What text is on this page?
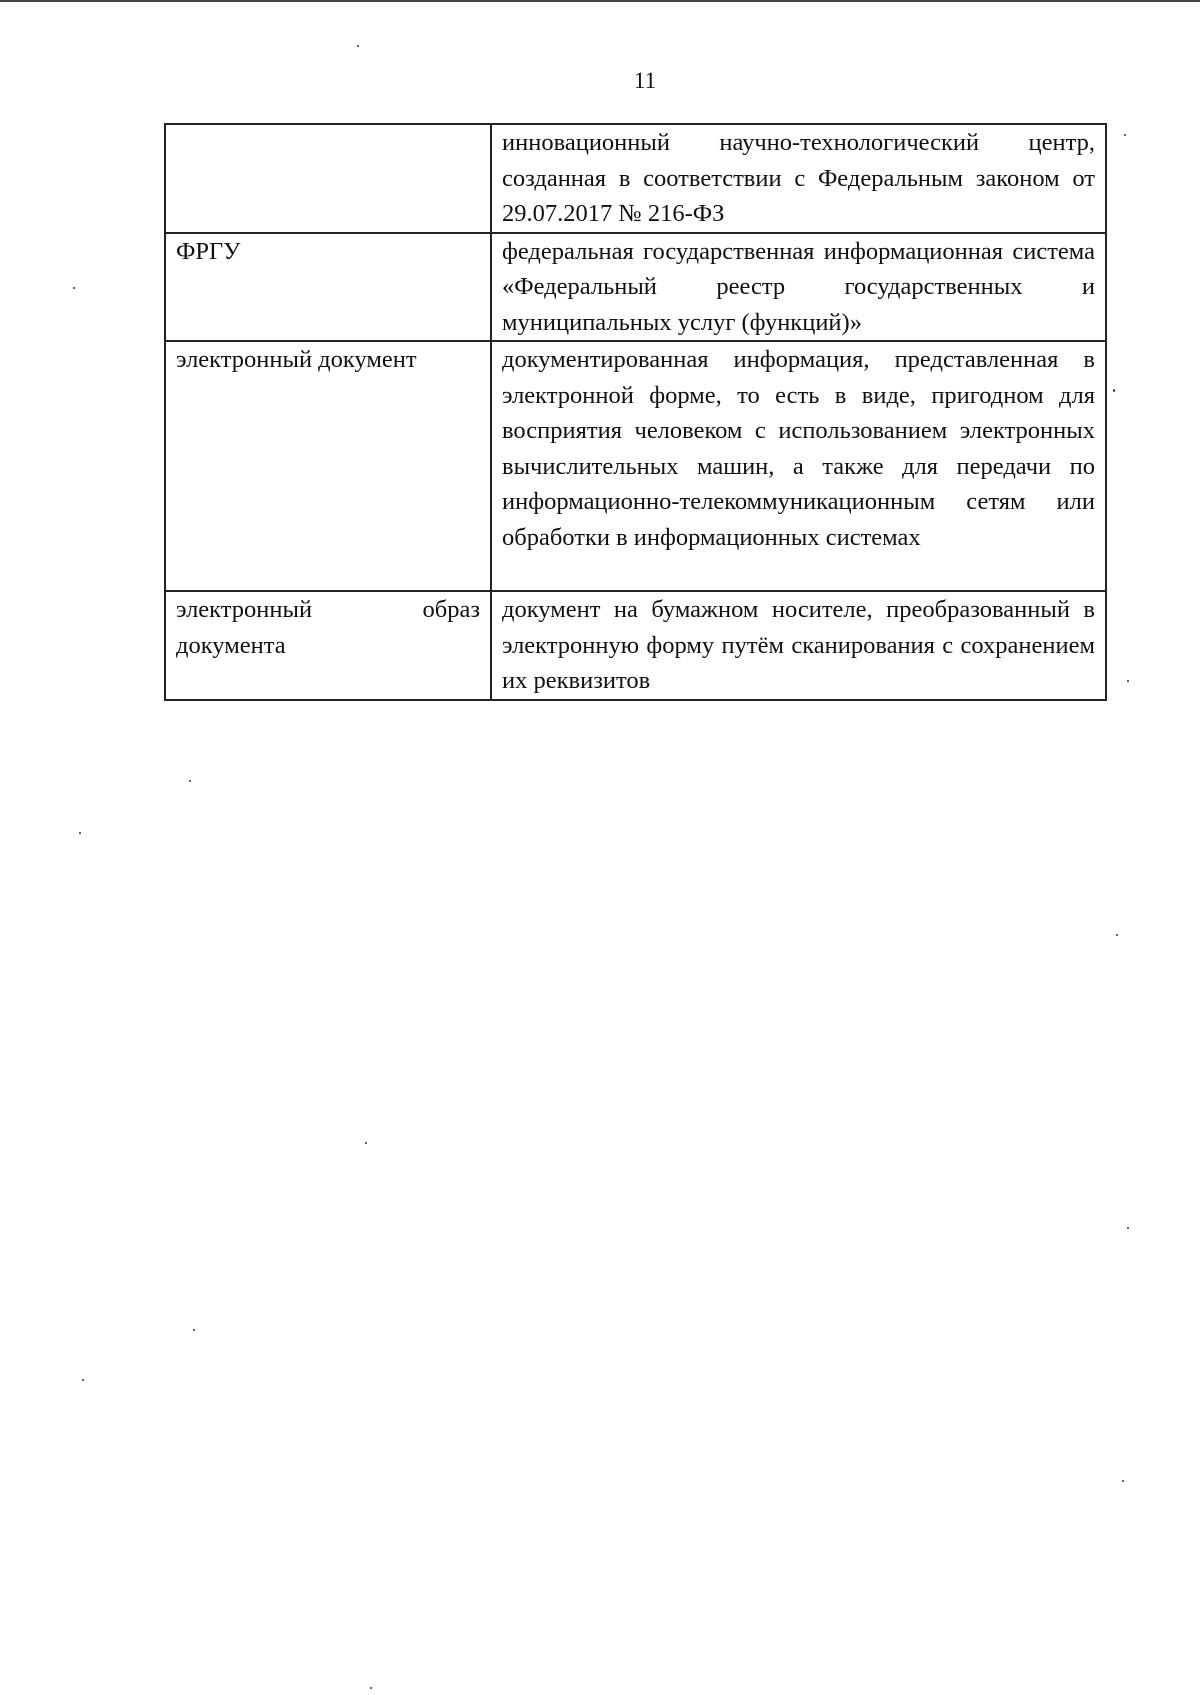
11

	инновационный научно-технологический центр, созданная в соответствии с Федеральным законом от 29.07.2017 № 216-ФЗ

ФРГУ	федеральная государственная информационная система «Федеральный реестр государственных и муниципальных услуг (функций)»

электронный документ	документированная информация, представленная в электронной форме, то есть в виде, пригодном для восприятия человеком с использованием электронных вычислительных машин, а также для передачи по информационно-телекоммуникационным сетям или обработки в информационных системах

электронный образ документа	документ на бумажном носителе, преобразованный в электронную форму путём сканирования с сохранением их реквизитов
